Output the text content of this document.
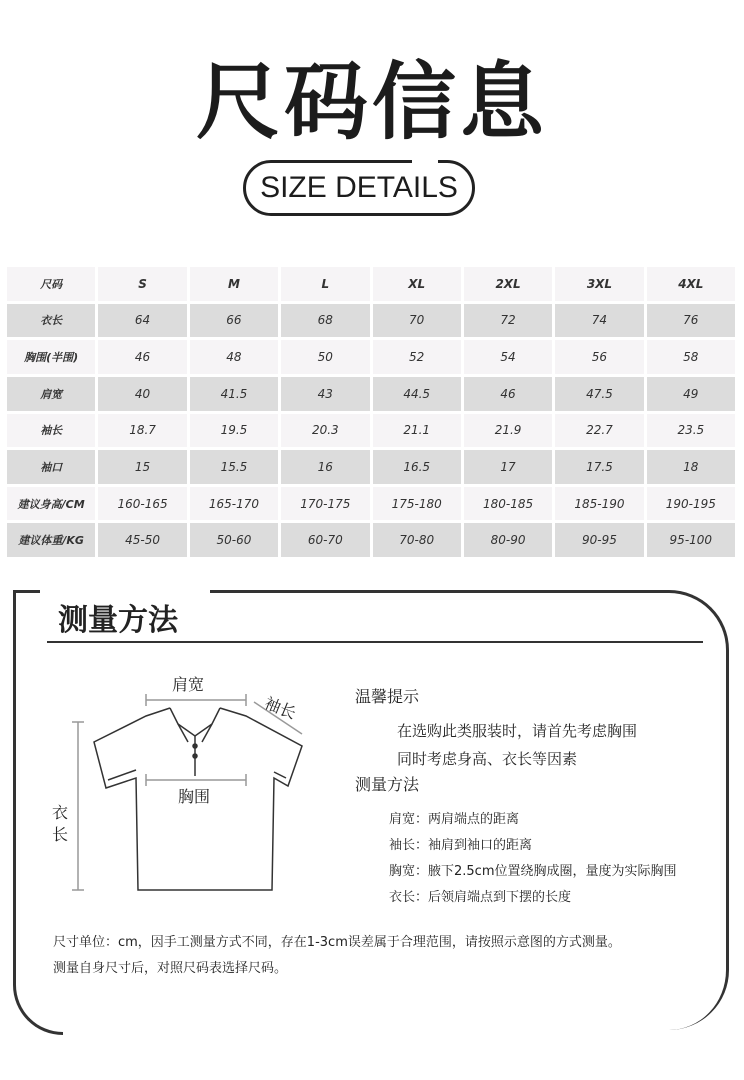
尺码信息
SIZE DETAILS
尺码	S	M	L	XL	2XL	3XL	4XL
衣长	64	66	68	70	72	74	76
胸围(半围)	46	48	50	52	54	56	58
肩宽	40	41.5	43	44.5	46	47.5	49
袖长	18.7	19.5	20.3	21.1	21.9	22.7	23.5
袖口	15	15.5	16	16.5	17	17.5	18
建议身高/CM	160-165	165-170	170-175	175-180	180-185	185-190	190-195
建议体重/KG	45-50	50-60	60-70	70-80	80-90	90-95	95-100
测量方法
肩宽
袖长
胸围
衣 长
温馨提示
在选购此类服装时，请首先考虑胸围
同时考虑身高、衣长等因素
测量方法
肩宽：两肩端点的距离
袖长：袖肩到袖口的距离
胸宽：腋下2.5cm位置绕胸成圈，量度为实际胸围
衣长：后领肩端点到下摆的长度
尺寸单位：cm，因手工测量方式不同，存在1-3cm误差属于合理范围，请按照示意图的方式测量。
测量自身尺寸后，对照尺码表选择尺码。
